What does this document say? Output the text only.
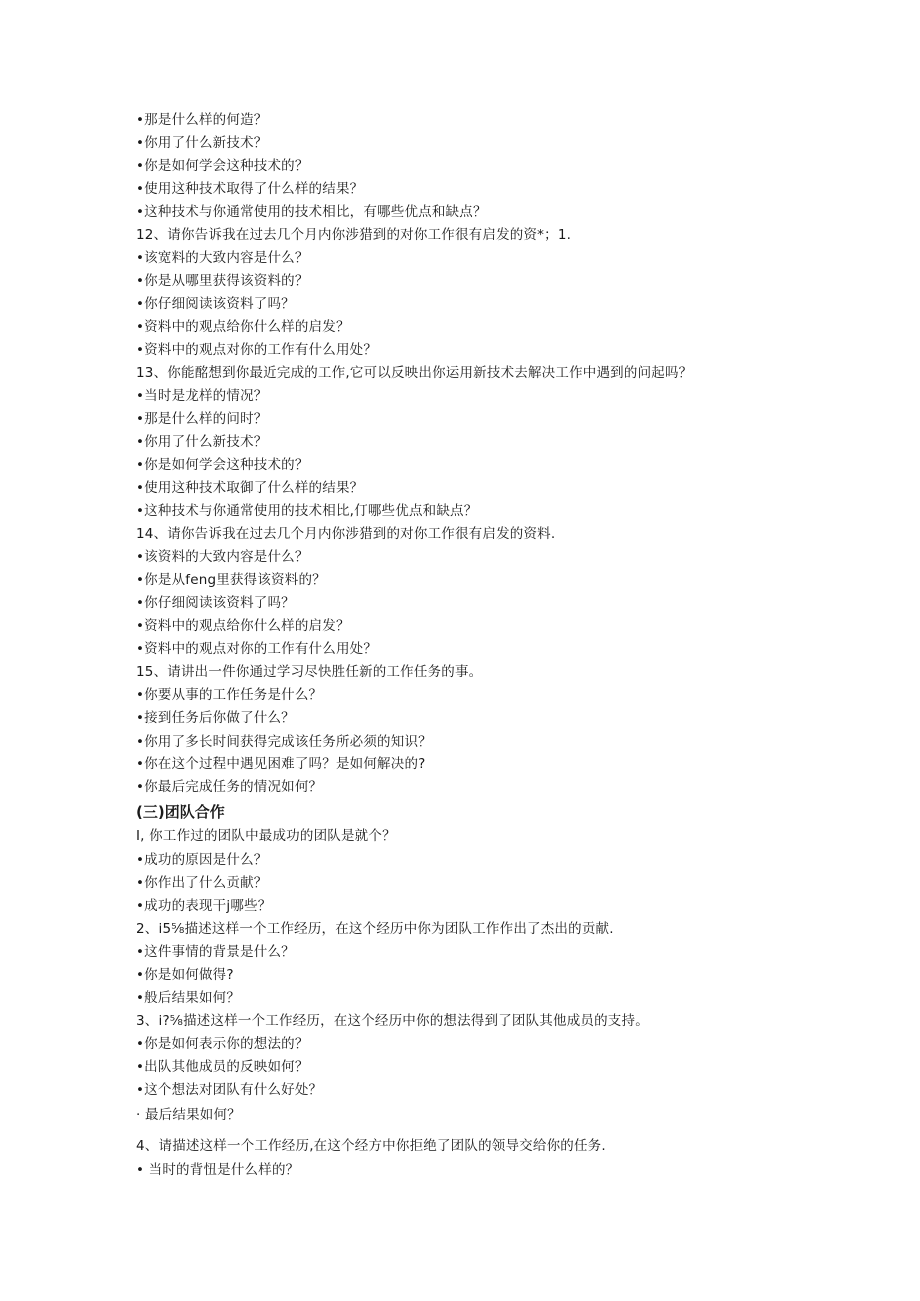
•那是什么样的何造？
•你用了什么新技术？
•你是如何学会这种技术的？
•使用这种技术取得了什么样的结果？
•这种技术与你通常使用的技术相比，有哪些优点和缺点？
12、请你告诉我在过去几个月内你涉猎到的对你工作很有启发的资*；1.
•该宽料的大致内容是什么？
•你是从哪里获得该资料的？
•你仔细阅读该资料了吗？
•资料中的观点给你什么样的启发？
•资料中的观点对你的工作有什么用处？
13、你能酩想到你最近完成的工作,它可以反映出你运用新技术去解决工作中遇到的问起吗？
•当时是龙样的情况？
•那是什么样的问时？
•你用了什么新技术？
•你是如何学会这种技术的？
•使用这种技术取御了什么样的结果？
•这种技术与你通常使用的技术相比,仃哪些优点和缺点？
14、请你告诉我在过去几个月内你涉猎到的对你工作很有启发的资料.
•该资料的大致内容是什么？
•你是从feng里获得该资料的？
•你仔细阅读该资料了吗？
•资料中的观点给你什么样的启发？
•资料中的观点对你的工作有什么用处？
15、请讲出一件你通过学习尽快胜任新的工作任务的事。
•你要从事的工作任务是什么？
•接到任务后你做了什么？
•你用了多长时间获得完成该任务所必须的知识？
•你在这个过程中遇见困难了吗？是如何解决的?
•你最后完成任务的情况如何？
(三)团队合作
I, 你工作过的团队中最成功的团队是就个？
•成功的原因是什么？
•你作出了什么贡献？
•成功的表现干j哪些？
2、i5⅝描述这样一个工作经历，在这个经历中你为团队工作作出了杰出的贡献.
•这件事情的背景是什么？
•你是如何做得?
•般后结果如何？
3、i?⅝描述这样一个工作经历，在这个经历中你的想法得到了团队其他成员的支持。
•你是如何表示你的想法的？
•出队其他成员的反映如何？
•这个想法对团队有什么好处？
· 最后结果如何？
4、请描述这样一个工作经历,在这个经方中你拒绝了团队的领导交给你的任务.
• 当时的背忸是什么样的？
